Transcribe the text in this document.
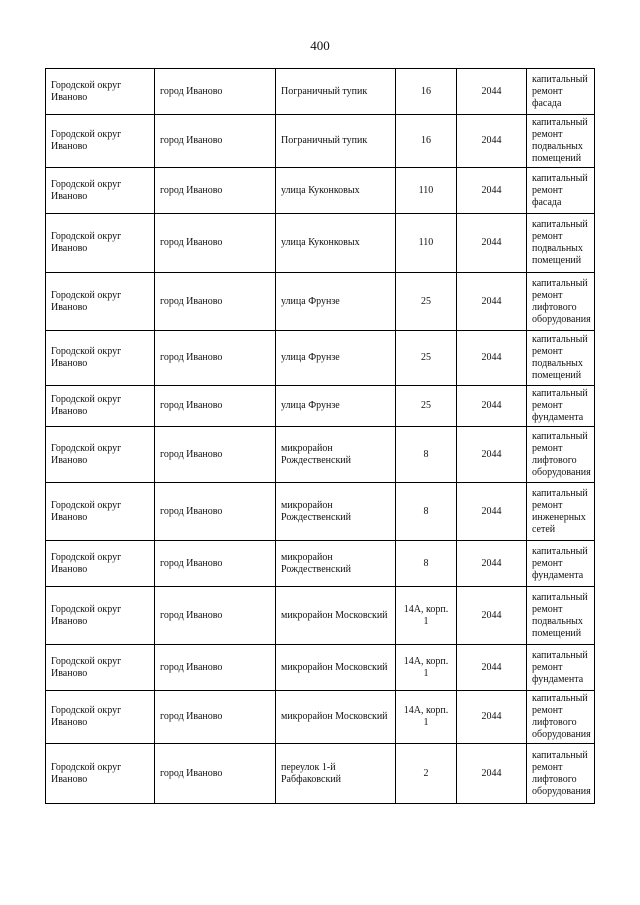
400
Городской округ Иваново	город Иваново	Пограничный тупик	16	2044	капитальный ремонт фасада
Городской округ Иваново	город Иваново	Пограничный тупик	16	2044	капитальный ремонт подвальных помещений
Городской округ Иваново	город Иваново	улица Куконковых	110	2044	капитальный ремонт фасада
Городской округ Иваново	город Иваново	улица Куконковых	110	2044	капитальный ремонт подвальных помещений
Городской округ Иваново	город Иваново	улица Фрунзе	25	2044	капитальный ремонт лифтового оборудования
Городской округ Иваново	город Иваново	улица Фрунзе	25	2044	капитальный ремонт подвальных помещений
Городской округ Иваново	город Иваново	улица Фрунзе	25	2044	капитальный ремонт фундамента
Городской округ Иваново	город Иваново	микрорайон Рождественский	8	2044	капитальный ремонт лифтового оборудования
Городской округ Иваново	город Иваново	микрорайон Рождественский	8	2044	капитальный ремонт инженерных сетей
Городской округ Иваново	город Иваново	микрорайон Рождественский	8	2044	капитальный ремонт фундамента
Городской округ Иваново	город Иваново	микрорайон Московский	14А, корп. 1	2044	капитальный ремонт подвальных помещений
Городской округ Иваново	город Иваново	микрорайон Московский	14А, корп. 1	2044	капитальный ремонт фундамента
Городской округ Иваново	город Иваново	микрорайон Московский	14А, корп. 1	2044	капитальный ремонт лифтового оборудования
Городской округ Иваново	город Иваново	переулок 1-й Рабфаковский	2	2044	капитальный ремонт лифтового оборудования
